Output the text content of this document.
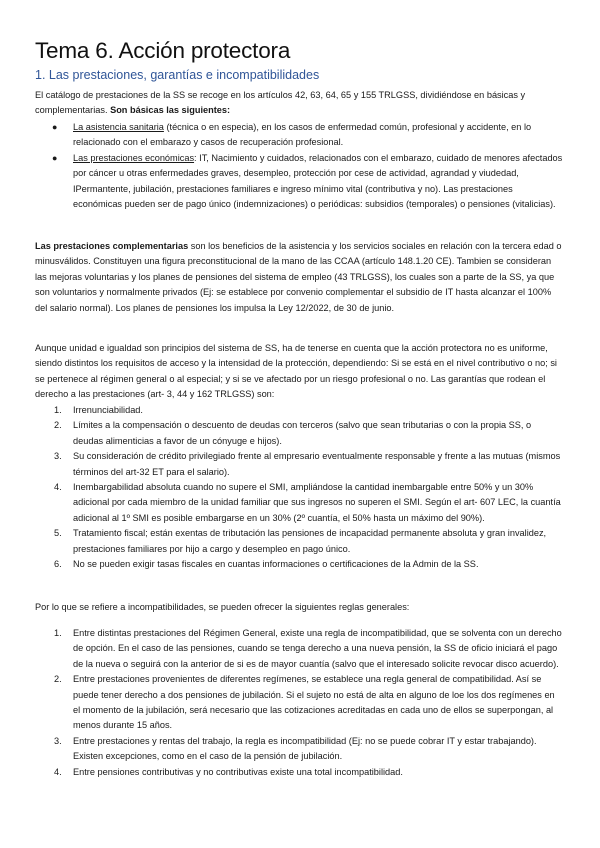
Tema 6. Acción protectora
1. Las prestaciones, garantías e incompatibilidades

El catálogo de prestaciones de la SS se recoge en los artículos 42, 63, 64, 65 y 155 TRLGSS, dividiéndose en básicas y complementarias. Son básicas las siguientes:

● La asistencia sanitaria (técnica o en especia), en los casos de enfermedad común, profesional y accidente, en lo relacionado con el embarazo y casos de recuperación profesional.
● Las prestaciones económicas: IT, Nacimiento y cuidados, relacionados con el embarazo, cuidado de menores afectados por cáncer u otras enfermedades graves, desempleo, protección por cese de actividad, agrandad y viudedad, IPermantente, jubilación, prestaciones familiares e ingreso mínimo vital (contributiva y no). Las prestaciones económicas pueden ser de pago único (indemnizaciones) o periódicas: subsidios (temporales) o pensiones (vitalicias).

Las prestaciones complementarias son los beneficios de la asistencia y los servicios sociales en relación con la tercera edad o minusválidos. Constituyen una figura preconstitucional de la mano de las CCAA (artículo 148.1.20 CE). Tambien se consideran las mejoras voluntarias y los planes de pensiones del sistema de empleo (43 TRLGSS), los cuales son a parte de la SS, ya que son voluntarios y normalmente privados (Ej: se establece por convenio complementar el subsidio de IT hasta alcanzar el 100% del salario normal). Los planes de pensiones los impulsa la Ley 12/2022, de 30 de junio.

Aunque unidad e igualdad son principios del sistema de SS, ha de tenerse en cuenta que la acción protectora no es uniforme, siendo distintos los requisitos de acceso y la intensidad de la protección, dependiendo: Si se está en el nivel contributivo o no; si se pertenece al régimen general o al especial; y si se ve afectado por un riesgo profesional o no. Las garantías que rodean el derecho a las prestaciones (art- 3, 44 y 162 TRLGSS) son:

1. Irrenunciabilidad.
2. Límites a la compensación o descuento de deudas con terceros (salvo que sean tributarias o con la propia SS, o deudas alimenticias a favor de un cónyuge e hijos).
3. Su consideración de crédito privilegiado frente al empresario eventualmente responsable y frente a las mutuas (mismos términos del art-32 ET para el salario).
4. Inembargabilidad absoluta cuando no supere el SMI, ampliándose la cantidad inembargable entre 50% y un 30% adicional por cada miembro de la unidad familiar que sus ingresos no superen el SMI. Según el art- 607 LEC, la cuantía adicional al 1º SMI es posible embargarse en un 30% (2º cuantía, el 50% hasta un máximo del 90%).
5. Tratamiento fiscal; están exentas de tributación las pensiones de incapacidad permanente absoluta y gran invalidez, prestaciones familiares por hijo a cargo y desempleo en pago único.
6. No se pueden exigir tasas fiscales en cuantas informaciones o certificaciones de la Admin de la SS.

Por lo que se refiere a incompatibilidades, se pueden ofrecer la siguientes reglas generales:

1. Entre distintas prestaciones del Régimen General, existe una regla de incompatibilidad, que se solventa con un derecho de opción. En el caso de las pensiones, cuando se tenga derecho a una nueva pensión, la SS de oficio iniciará el pago de la nueva o seguirá con la anterior de si es de mayor cuantía (salvo que el interesado solicite revocar disco acuerdo).
2. Entre prestaciones provenientes de diferentes regímenes, se establece una regla general de compatibilidad. Así se puede tener derecho a dos pensiones de jubilación. Si el sujeto no está de alta en alguno de loe los dos regímenes en el momento de la jubilación, será necesario que las cotizaciones acreditadas en cada uno de ellos se superpongan, al menos durante 15 años.
3. Entre prestaciones y rentas del trabajo, la regla es incompatibilidad (Ej: no se puede cobrar IT y estar trabajando). Existen excepciones, como en el caso de la pensión de jubilación.
4. Entre pensiones contributivas y no contributivas existe una total incompatibilidad.
